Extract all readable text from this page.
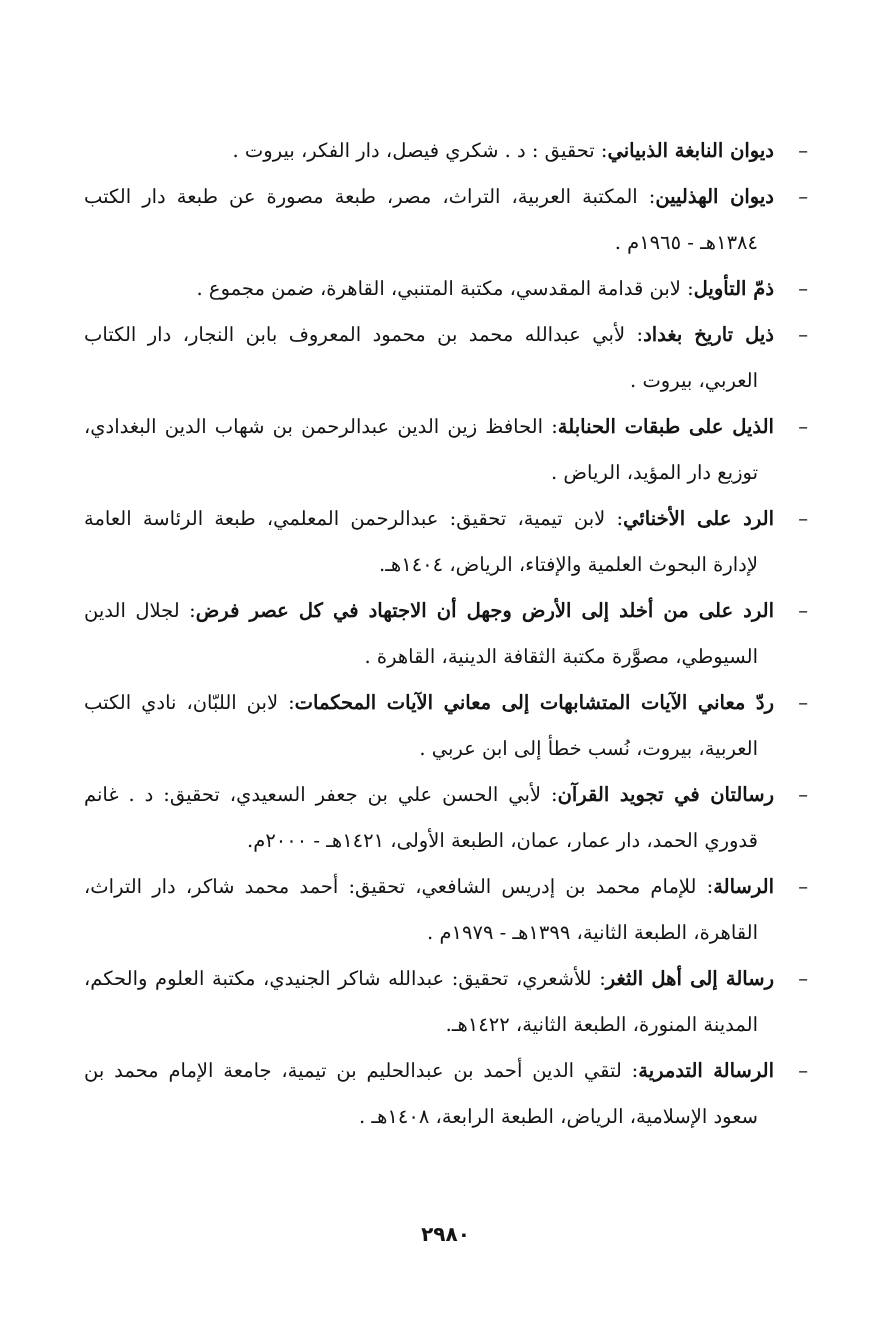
–ديوان النابغة الذبياني: تحقيق : د . شكري فيصل، دار الفكر، بيروت .

–ديوان الهذليين: المكتبة العربية، التراث، مصر، طبعة مصورة عن طبعة دار الكتب ١٣٨٤هـ - ١٩٦٥م .

–ذمّ التأويل: لابن قدامة المقدسي، مكتبة المتنبي، القاهرة، ضمن مجموع .

–ذيل تاريخ بغداد: لأبي عبدالله محمد بن محمود المعروف بابن النجار، دار الكتاب العربي، بيروت .

–الذيل على طبقات الحنابلة: الحافظ زين الدين عبدالرحمن بن شهاب الدين البغدادي، توزيع دار المؤيد، الرياض .

–الرد على الأخنائي: لابن تيمية، تحقيق: عبدالرحمن المعلمي، طبعة الرئاسة العامة لإدارة البحوث العلمية والإفتاء، الرياض، ١٤٠٤هـ.

–الرد على من أخلد إلى الأرض وجهل أن الاجتهاد في كل عصر فرض: لجلال الدين السيوطي، مصوَّرة مكتبة الثقافة الدينية، القاهرة .

–ردّ معاني الآيات المتشابهات إلى معاني الآيات المحكمات: لابن اللبّان، نادي الكتب العربية، بيروت، نُسب خطأ إلى ابن عربي .

–رسالتان في تجويد القرآن: لأبي الحسن علي بن جعفر السعيدي، تحقيق: د . غانم قدوري الحمد، دار عمار، عمان، الطبعة الأولى، ١٤٢١هـ - ٢٠٠٠م.

–الرسالة: للإمام محمد بن إدريس الشافعي، تحقيق: أحمد محمد شاكر، دار التراث، القاهرة، الطبعة الثانية، ١٣٩٩هـ - ١٩٧٩م .

–رسالة إلى أهل الثغر: للأشعري، تحقيق: عبدالله شاكر الجنيدي، مكتبة العلوم والحكم، المدينة المنورة، الطبعة الثانية، ١٤٢٢هـ.

–الرسالة التدمرية: لتقي الدين أحمد بن عبدالحليم بن تيمية، جامعة الإمام محمد بن سعود الإسلامية، الرياض، الطبعة الرابعة، ١٤٠٨هـ .

٢٩٨٠
